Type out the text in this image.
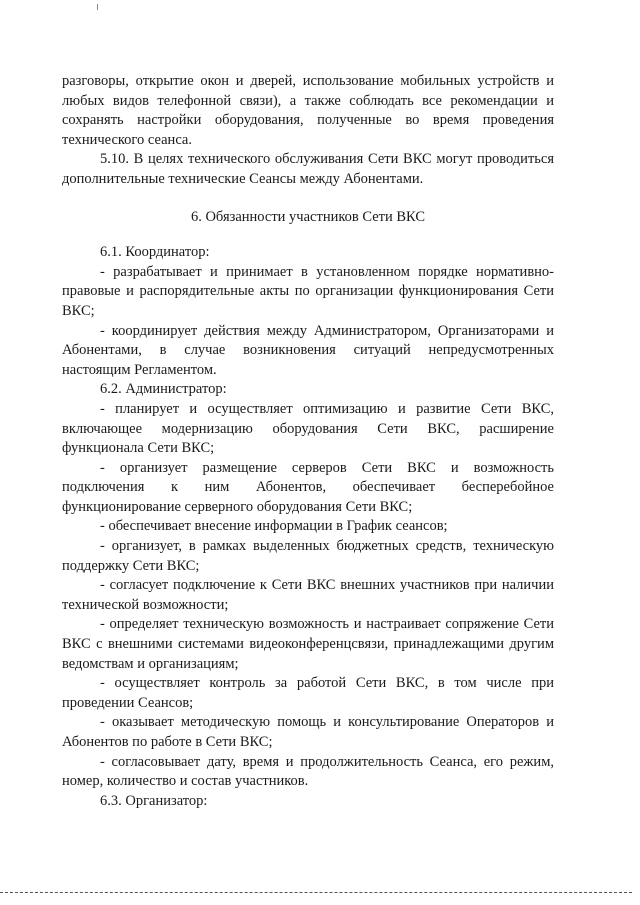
разговоры, открытие окон и дверей, использование мобильных устройств и любых видов телефонной связи), а также соблюдать все рекомендации и сохранять настройки оборудования, полученные во время проведения технического сеанса.

5.10. В целях технического обслуживания Сети ВКС могут проводиться дополнительные технические Сеансы между Абонентами.

6. Обязанности участников Сети ВКС

6.1. Координатор:

- разрабатывает и принимает в установленном порядке нормативно-правовые и распорядительные акты по организации функционирования Сети ВКС;

- координирует действия между Администратором, Организаторами и Абонентами, в случае возникновения ситуаций непредусмотренных настоящим Регламентом.

6.2. Администратор:

- планирует и осуществляет оптимизацию и развитие Сети ВКС, включающее модернизацию оборудования Сети ВКС, расширение функционала Сети ВКС;

- организует размещение серверов Сети ВКС и возможность подключения к ним Абонентов, обеспечивает бесперебойное функционирование серверного оборудования Сети ВКС;

- обеспечивает внесение информации в График сеансов;

- организует, в рамках выделенных бюджетных средств, техническую поддержку Сети ВКС;

- согласует подключение к Сети ВКС внешних участников при наличии технической возможности;

- определяет техническую возможность и настраивает сопряжение Сети ВКС с внешними системами видеоконференцсвязи, принадлежащими другим ведомствам и организациям;

- осуществляет контроль за работой Сети ВКС, в том числе при проведении Сеансов;

- оказывает методическую помощь и консультирование Операторов и Абонентов по работе в Сети ВКС;

- согласовывает дату, время и продолжительность Сеанса, его режим, номер, количество и состав участников.

6.3. Организатор:
